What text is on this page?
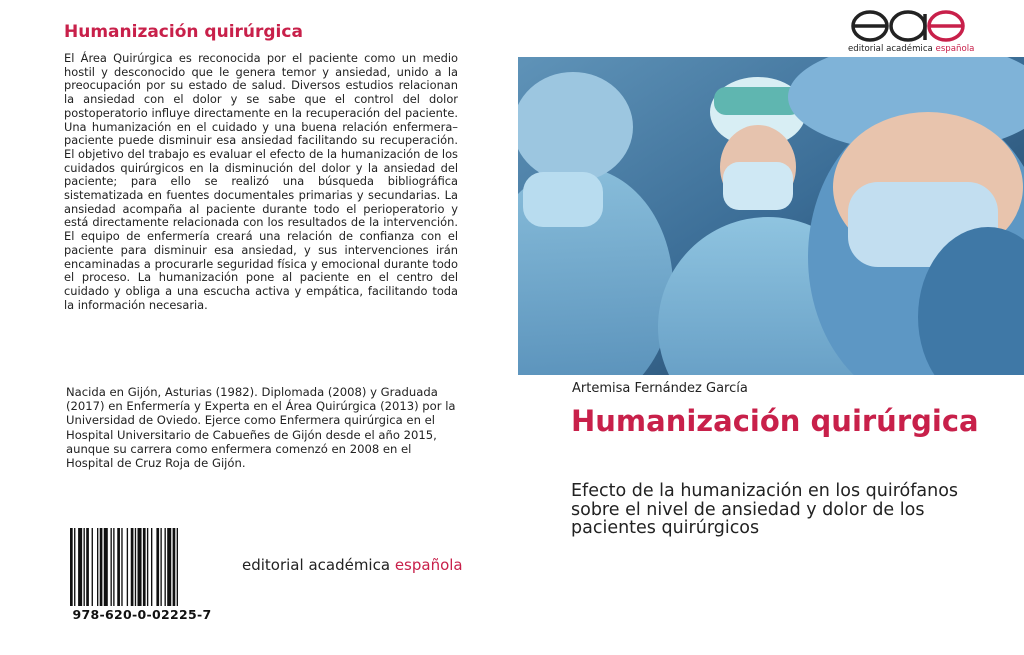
Humanización quirúrgica
El Área Quirúrgica es reconocida por el paciente como un medio hostil y desconocido que le genera temor y ansiedad, unido a la preocupación por su estado de salud. Diversos estudios relacionan la ansiedad con el dolor y se sabe que el control del dolor postoperatorio influye directamente en la recuperación del paciente. Una humanización en el cuidado y una buena relación enfermera–paciente puede disminuir esa ansiedad facilitando su recuperación. El objetivo del trabajo es evaluar el efecto de la humanización de los cuidados quirúrgicos en la disminución del dolor y la ansiedad del paciente; para ello se realizó una búsqueda bibliográfica sistematizada en fuentes documentales primarias y secundarias. La ansiedad acompaña al paciente durante todo el perioperatorio y está directamente relacionada con los resultados de la intervención. El equipo de enfermería creará una relación de confianza con el paciente para disminuir esa ansiedad, y sus intervenciones irán encaminadas a procurarle seguridad física y emocional durante todo el proceso. La humanización pone al paciente en el centro del cuidado y obliga a una escucha activa y empática, facilitando toda la información necesaria.
Nacida en Gijón, Asturias (1982). Diplomada (2008) y Graduada (2017) en Enfermería y Experta en el Área Quirúrgica (2013) por la Universidad de Oviedo. Ejerce como Enfermera quirúrgica en el Hospital Universitario de Cabueñes de Gijón desde el año 2015, aunque su carrera como enfermera comenzó en 2008 en el Hospital de Cruz Roja de Gijón.
978-620-0-02225-7
editorial académica española
editorial académica española
Artemisa Fernández García
Humanización quirúrgica
Efecto de la humanización en los quirófanos sobre el nivel de ansiedad y dolor de los pacientes quirúrgicos
